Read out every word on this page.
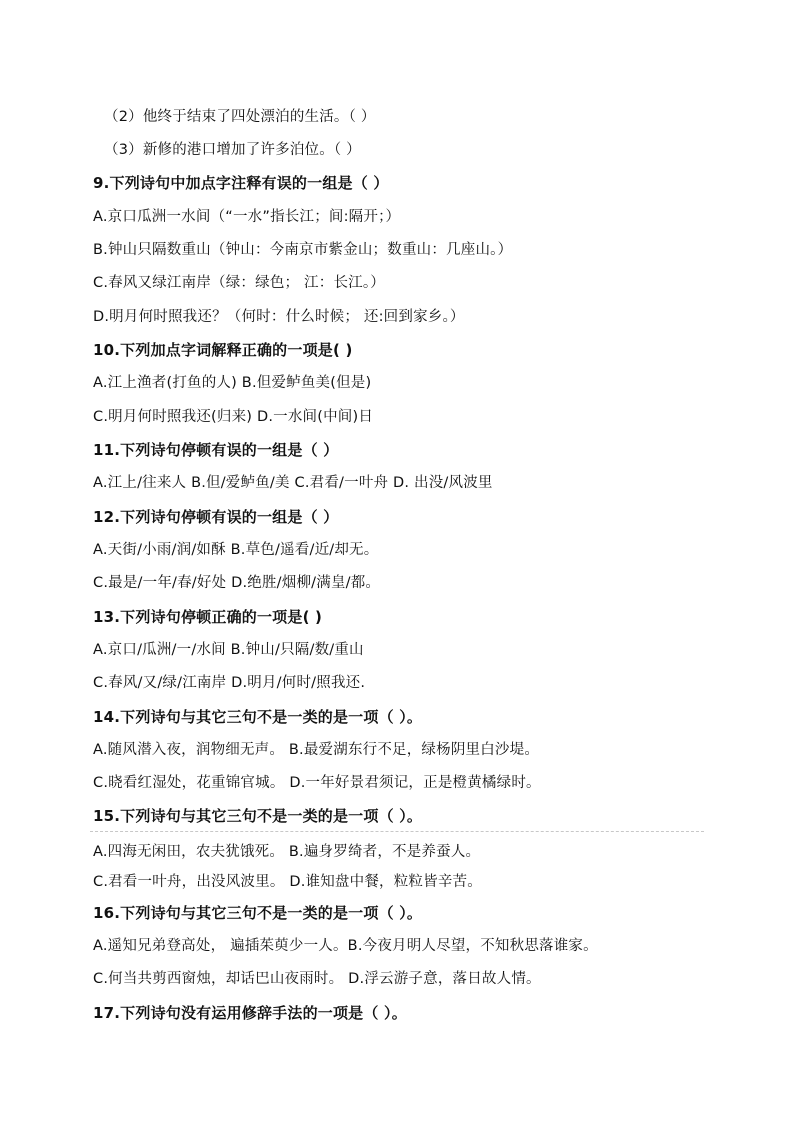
（2）他终于结束了四处漂泊的生活。（ ）
（3）新修的港口增加了许多泊位。（ ）
9.下列诗句中加点字注释有误的一组是（ ）
A.京口瓜洲一水间（“一水”指长江；间:隔开；）
B.钟山只隔数重山（钟山：今南京市紫金山；数重山：几座山。）
C.春风又绿江南岸（绿：绿色； 江：长江。）
D.明月何时照我还？（何时：什么时候； 还:回到家乡。）
10.下列加点字词解释正确的一项是( )
A.江上渔者(打鱼的人) B.但爱鲈鱼美(但是)
C.明月何时照我还(归来) D.一水间(中间)日
11.下列诗句停顿有误的一组是（ ）
A.江上/往来人 B.但/爱鲈鱼/美 C.君看/一叶舟 D. 出没/风波里
12.下列诗句停顿有误的一组是（ ）
A.天街/小雨/润/如酥 B.草色/遥看/近/却无。
C.最是/一年/春/好处 D.绝胜/烟柳/满皇/都。
13.下列诗句停顿正确的一项是( )
A.京口/瓜洲/一/水间 B.钟山/只隔/数/重山
C.春风/又/绿/江南岸 D.明月/何时/照我还.
14.下列诗句与其它三句不是一类的是一项（ ）。
A.随风潜入夜，润物细无声。 B.最爱湖东行不足，绿杨阴里白沙堤。
C.晓看红湿处，花重锦官城。 D.一年好景君须记，正是橙黄橘绿时。
15.下列诗句与其它三句不是一类的是一项（ ）。
A.四海无闲田，农夫犹饿死。 B.遍身罗绮者，不是养蚕人。
C.君看一叶舟，出没风波里。 D.谁知盘中餐，粒粒皆辛苦。
16.下列诗句与其它三句不是一类的是一项（ ）。
A.遥知兄弟登高处， 遍插茱萸少一人。B.今夜月明人尽望，不知秋思落谁家。
C.何当共剪西窗烛，却话巴山夜雨时。 D.浮云游子意，落日故人情。
17.下列诗句没有运用修辞手法的一项是（ ）。
